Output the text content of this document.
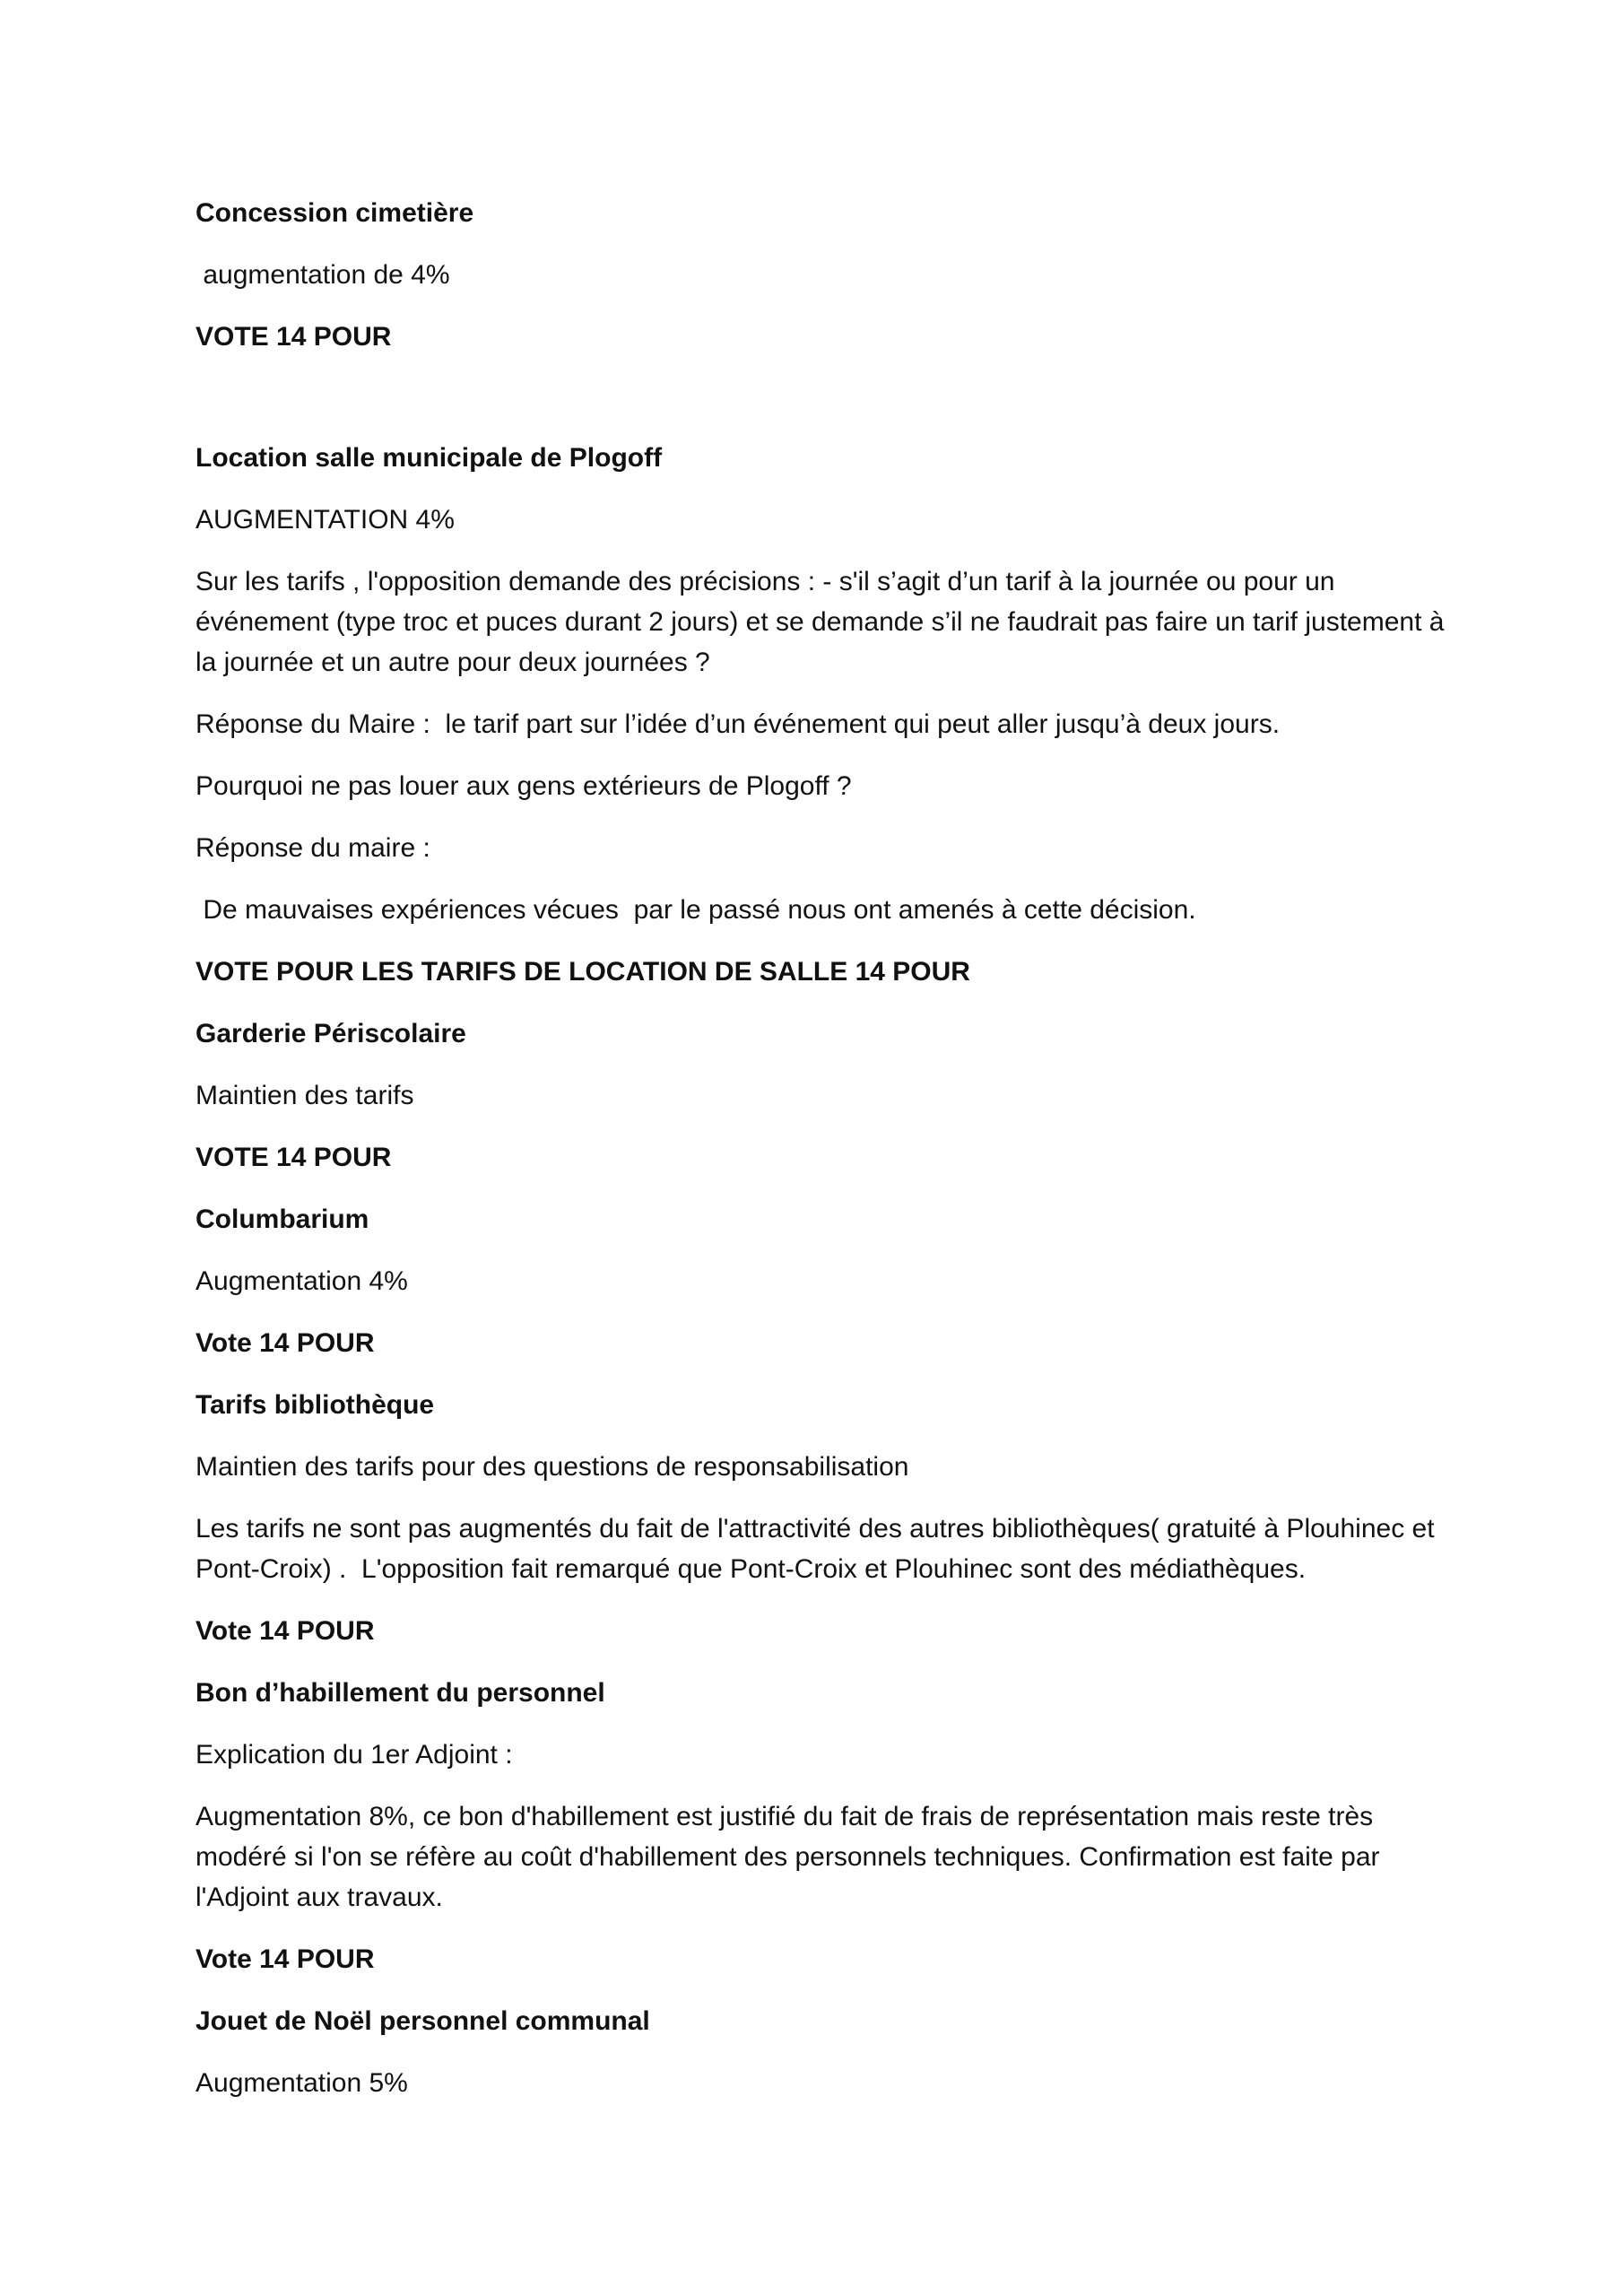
Concession cimetière

augmentation de 4%

VOTE 14 POUR

Location salle municipale de Plogoff

AUGMENTATION 4%

Sur les tarifs , l'opposition demande des précisions : - s'il s’agit d’un tarif à la journée ou pour un événement (type troc et puces durant 2 jours) et se demande s’il ne faudrait pas faire un tarif justement à la journée et un autre pour deux journées ?

Réponse du Maire :  le tarif part sur l’idée d’un événement qui peut aller jusqu’à deux jours.

Pourquoi ne pas louer aux gens extérieurs de Plogoff ?

Réponse du maire :

De mauvaises expériences vécues  par le passé nous ont amenés à cette décision.

VOTE POUR LES TARIFS DE LOCATION DE SALLE 14 POUR

Garderie Périscolaire

Maintien des tarifs

VOTE 14 POUR

Columbarium

Augmentation 4%

Vote 14 POUR

Tarifs bibliothèque

Maintien des tarifs pour des questions de responsabilisation

Les tarifs ne sont pas augmentés du fait de l'attractivité des autres bibliothèques( gratuité à Plouhinec et Pont-Croix) .  L'opposition fait remarqué que Pont-Croix et Plouhinec sont des médiathèques.

Vote 14 POUR

Bon d’habillement du personnel

Explication du 1er Adjoint :

Augmentation 8%, ce bon d'habillement est justifié du fait de frais de représentation mais reste très modéré si l'on se réfère au coût d'habillement des personnels techniques. Confirmation est faite par l'Adjoint aux travaux.

Vote 14 POUR

Jouet de Noël personnel communal

Augmentation 5%
